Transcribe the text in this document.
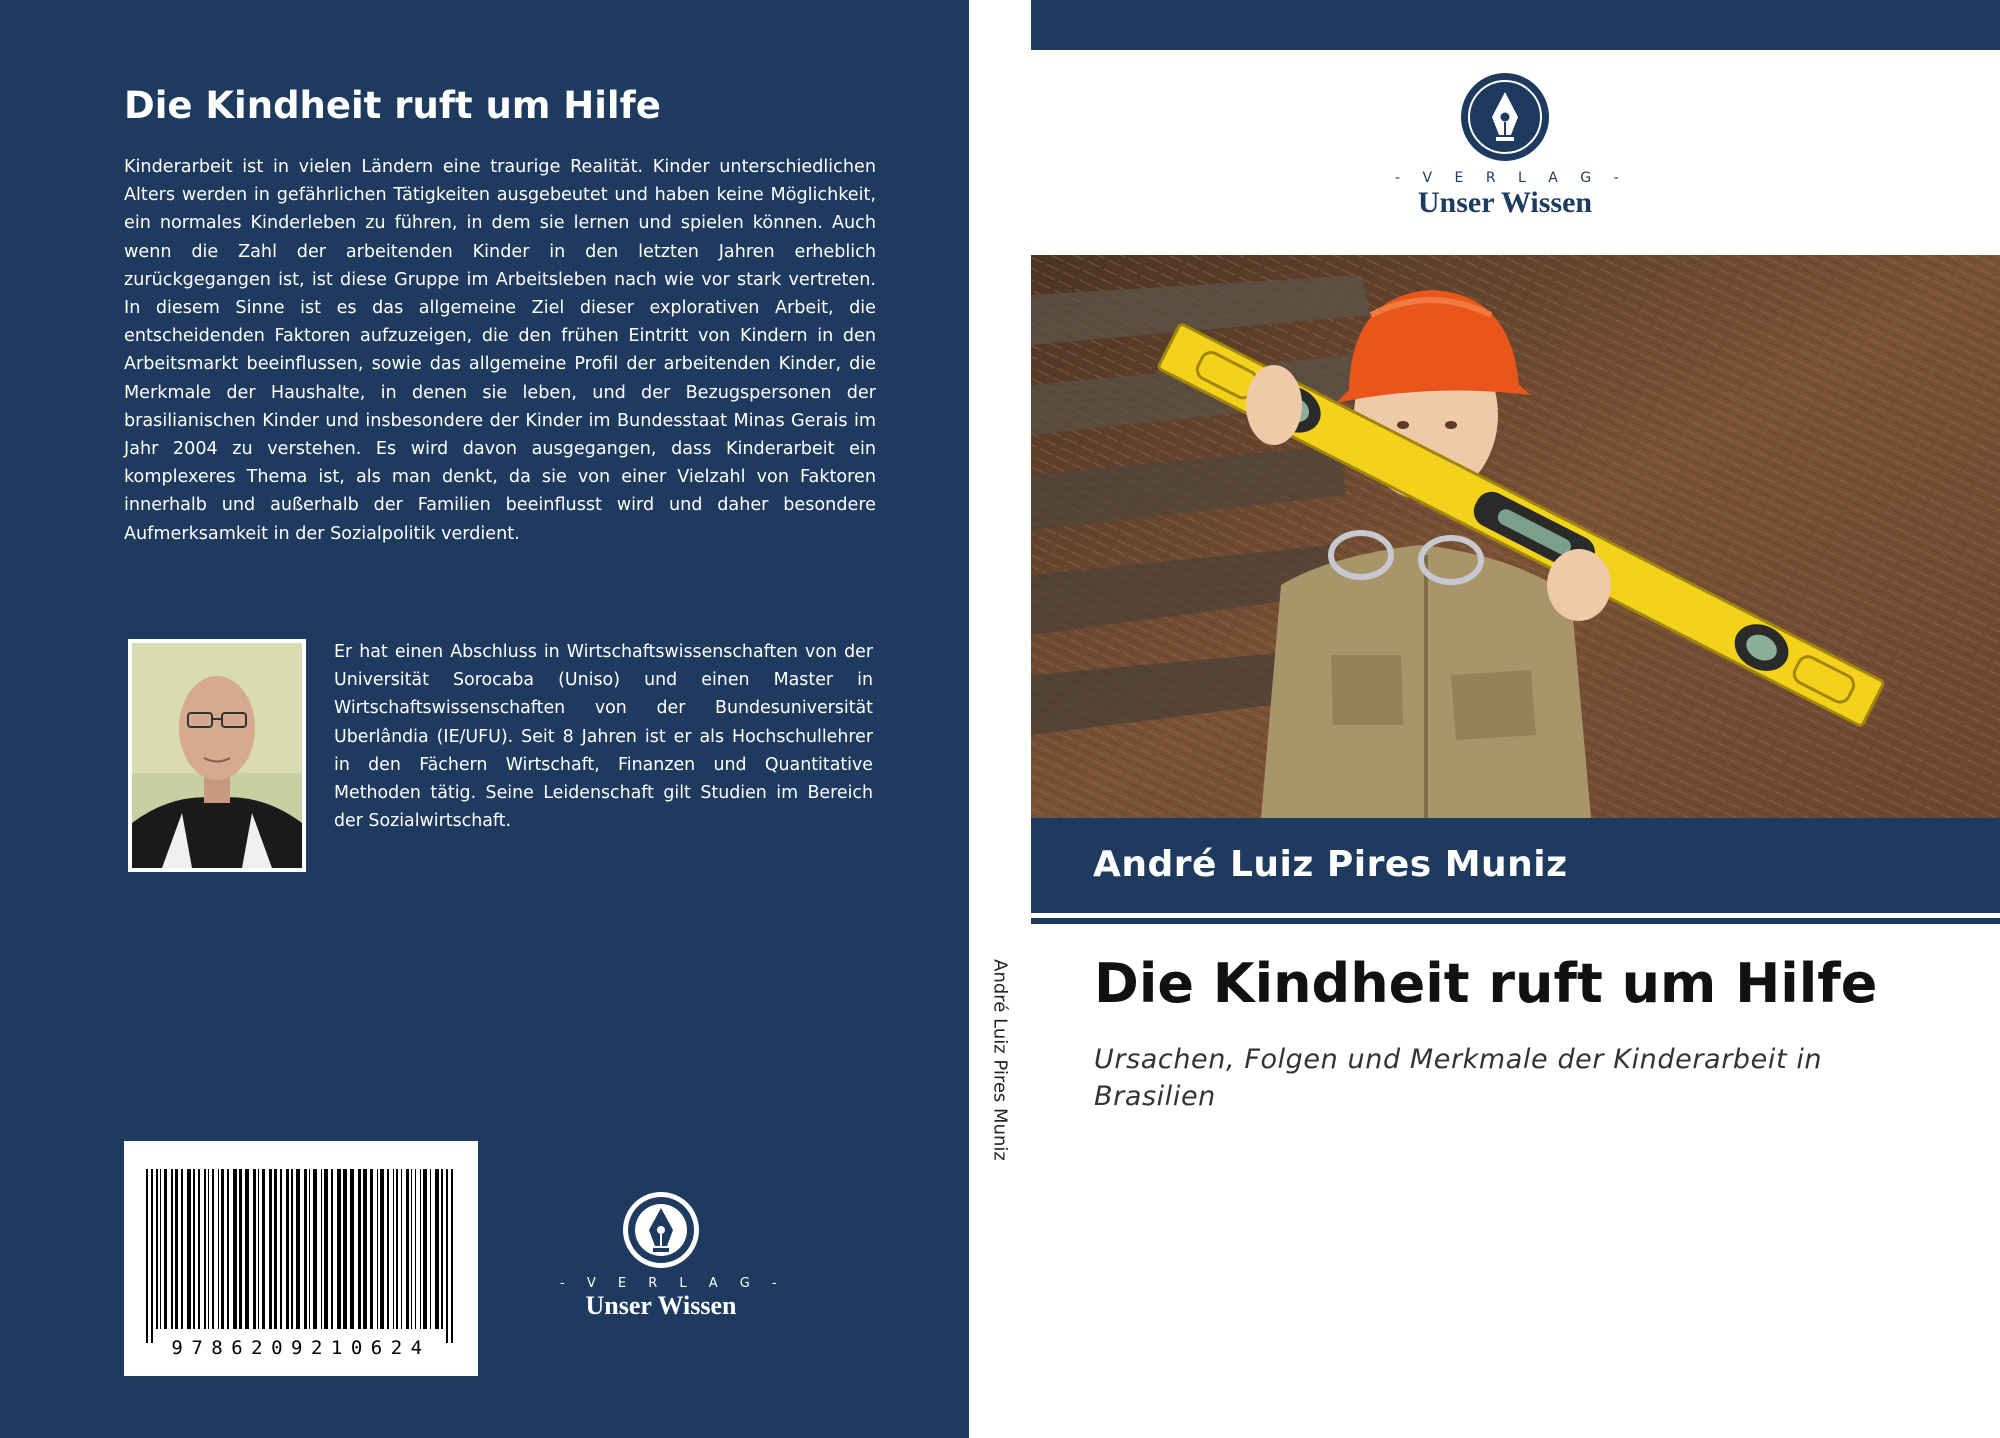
Die Kindheit ruft um Hilfe

Kinderarbeit ist in vielen Ländern eine traurige Realität. Kinder unterschiedlichen Alters werden in gefährlichen Tätigkeiten ausgebeutet und haben keine Möglichkeit, ein normales Kinderleben zu führen, in dem sie lernen und spielen können. Auch wenn die Zahl der arbeitenden Kinder in den letzten Jahren erheblich zurückgegangen ist, ist diese Gruppe im Arbeitsleben nach wie vor stark vertreten. In diesem Sinne ist es das allgemeine Ziel dieser explorativen Arbeit, die entscheidenden Faktoren aufzuzeigen, die den frühen Eintritt von Kindern in den Arbeitsmarkt beeinflussen, sowie das allgemeine Profil der arbeitenden Kinder, die Merkmale der Haushalte, in denen sie leben, und der Bezugspersonen der brasilianischen Kinder und insbesondere der Kinder im Bundesstaat Minas Gerais im Jahr 2004 zu verstehen. Es wird davon ausgegangen, dass Kinderarbeit ein komplexeres Thema ist, als man denkt, da sie von einer Vielzahl von Faktoren innerhalb und außerhalb der Familien beeinflusst wird und daher besondere Aufmerksamkeit in der Sozialpolitik verdient.

Er hat einen Abschluss in Wirtschaftswissenschaften von der Universität Sorocaba (Uniso) und einen Master in Wirtschaftswissenschaften von der Bundesuniversität Uberlândia (IE/UFU). Seit 8 Jahren ist er als Hochschullehrer in den Fächern Wirtschaft, Finanzen und Quantitative Methoden tätig. Seine Leidenschaft gilt Studien im Bereich der Sozialwirtschaft.

9786209210624
- V E R L A G -
Unser Wissen
André Luiz Pires Muniz
- V E R L A G -
Unser Wissen
André Luiz Pires Muniz
Die Kindheit ruft um Hilfe

Ursachen, Folgen und Merkmale der Kinderarbeit in Brasilien
